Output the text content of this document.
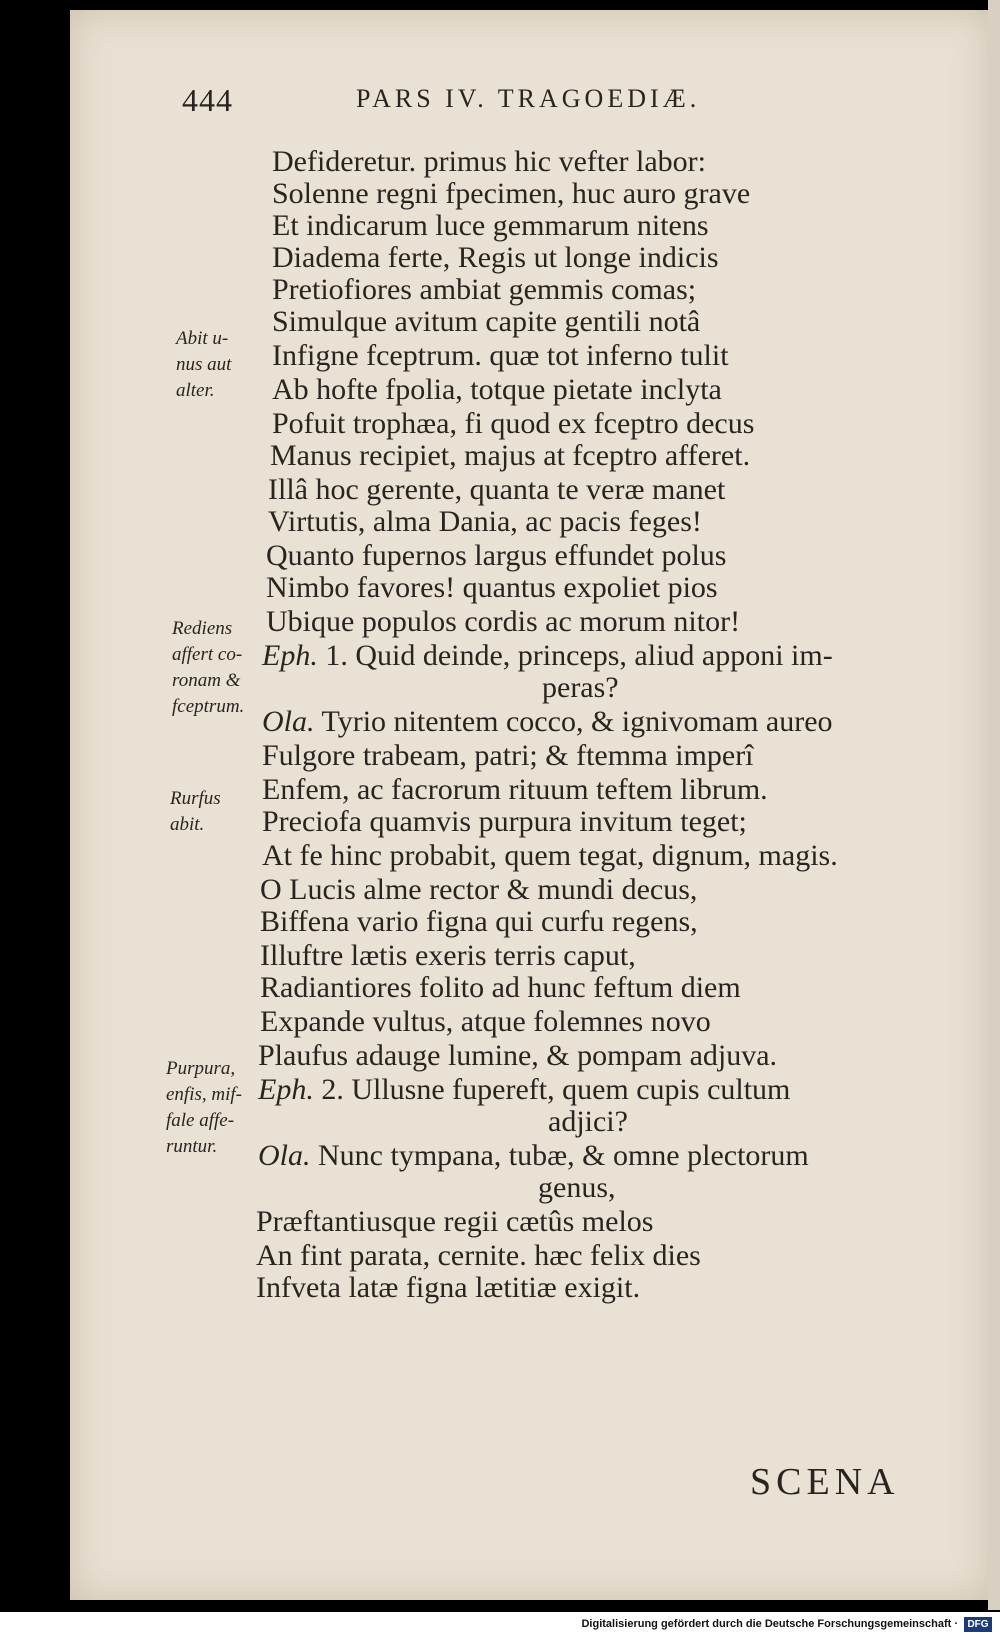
444	PARS IV. TRAGOEDIÆ.
Defideretur. primus hic vefter labor:
Solenne regni fpecimen, huc auro grave
Et indicarum luce gemmarum nitens
Diadema ferte, Regis ut longe indicis
Pretiofiores ambiat gemmis comas;
Simulque avitum capite gentili notâ
Infigne fceptrum. quæ tot inferno tulit
Ab hofte fpolia, totque pietate inclyta
Pofuit trophæa, fi quod ex fceptro decus
Manus recipiet, majus at fceptro afferet.
Illâ hoc gerente, quanta te veræ manet
Virtutis, alma Dania, ac pacis feges!
Quanto fupernos largus effundet polus
Nimbo favores! quantus expoliet pios
Ubique populos cordis ac morum nitor!
Eph. 1. Quid deinde, princeps, aliud apponi im-
peras?
Ola. Tyrio nitentem cocco, & ignivomam aureo
Fulgore trabeam, patri; & ftemma imperî
Enfem, ac facrorum rituum teftem librum.
Preciofa quamvis purpura invitum teget;
At fe hinc probabit, quem tegat, dignum, magis.
O Lucis alme rector & mundi decus,
Biffena vario figna qui curfu regens,
Illuftre lætis exeris terris caput,
Radiantiores folito ad hunc feftum diem
Expande vultus, atque folemnes novo
Plaufus adauge lumine, & pompam adjuva.
Eph. 2. Ullusne fupereft, quem cupis cultum
adjici?
Ola. Nunc tympana, tubæ, & omne plectorum
genus,
Præftantiusque regii cætûs melos
An fint parata, cernite. hæc felix dies
Infveta latæ figna lætitiæ exigit.
Abit u-
nus aut
alter.
Rediens
affert co-
ronam &
fceptrum.
Rurfus
abit.
Purpura,
enfis, mif-
fale affe-
runtur.
SCENA
Digitalisierung gefördert durch die Deutsche Forschungsgemeinschaft · DFG
